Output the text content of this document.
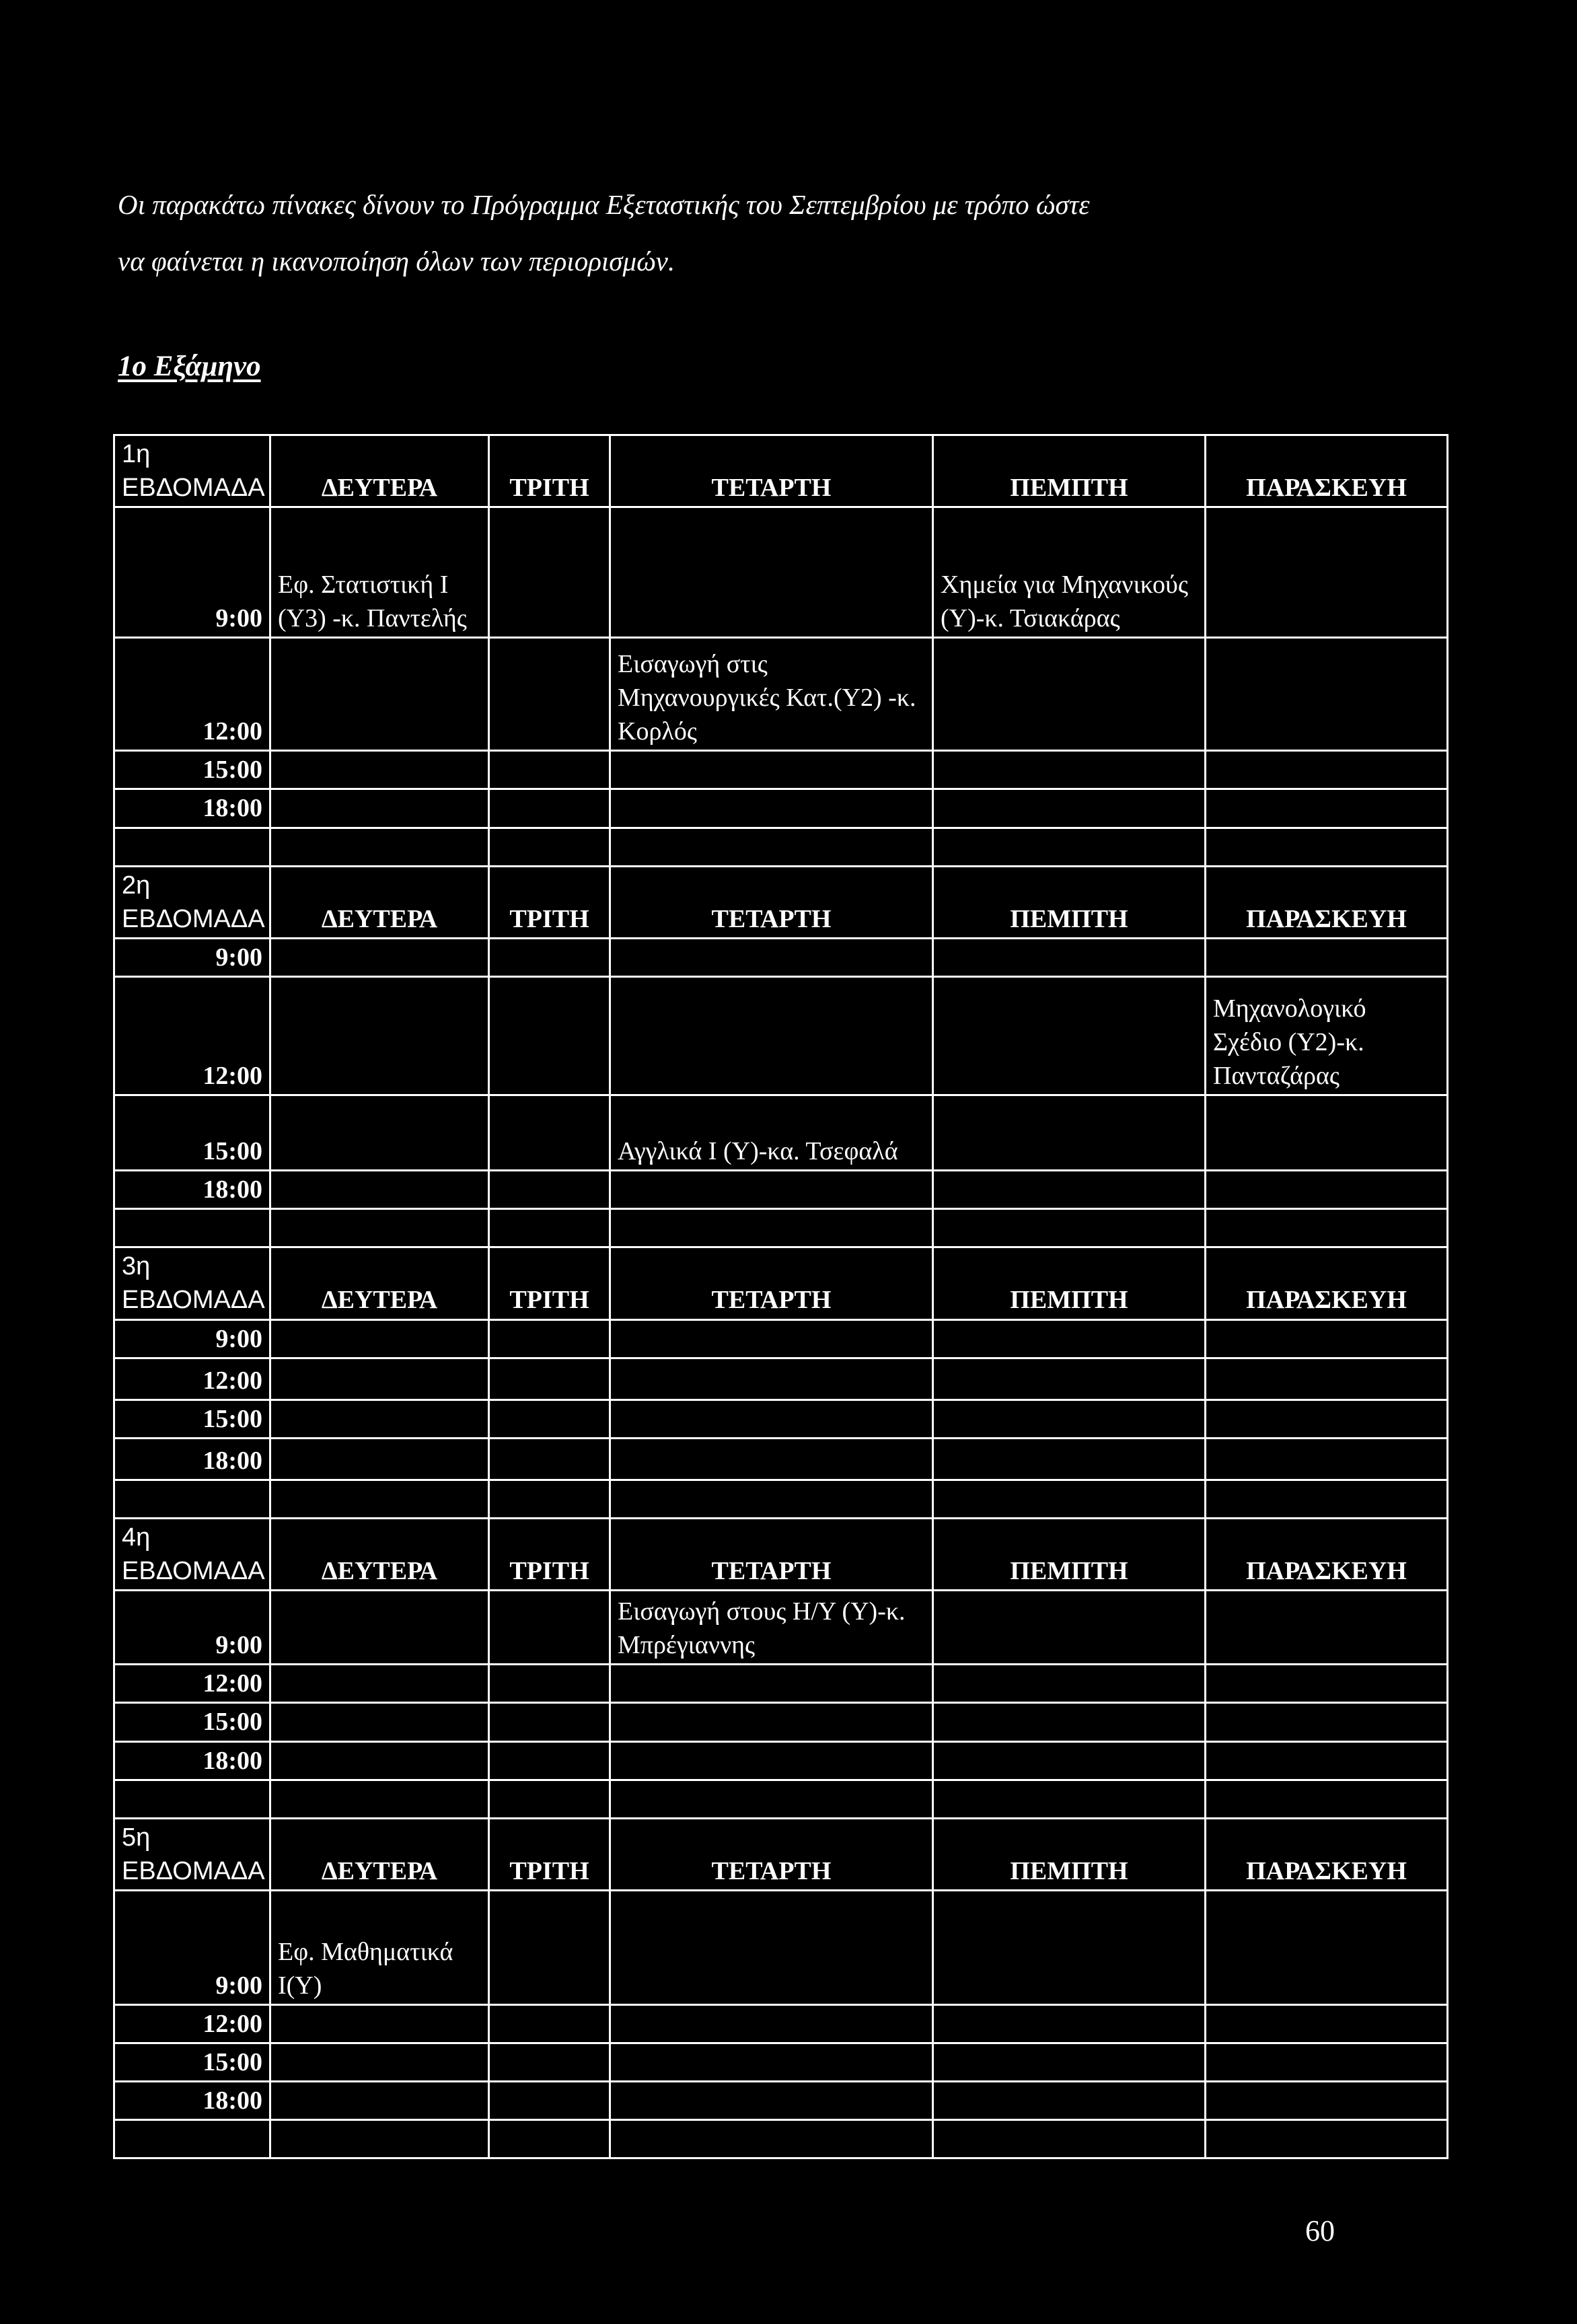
Οι παρακάτω πίνακες δίνουν το Πρόγραμμα Εξεταστικής του Σεπτεμβρίου με τρόπο ώστε
να φαίνεται η ικανοποίηση όλων των περιορισμών.

1ο Εξάμηνο

1η
ΕΒΔΟΜΑΔΑ	ΔΕΥΤΕΡΑ	ΤΡΙΤΗ	ΤΕΤΑΡΤΗ	ΠΕΜΠΤΗ	ΠΑΡΑΣΚΕΥΗ
9:00	Εφ. Στατιστική Ι (Υ3) -κ. Παντελής			Χημεία για Μηχανικούς (Υ)-κ. Τσιακάρας	
12:00			Εισαγωγή στις Μηχανουργικές Κατ.(Υ2) -κ. Κορλός		
15:00					
18:00					

2η
ΕΒΔΟΜΑΔΑ	ΔΕΥΤΕΡΑ	ΤΡΙΤΗ	ΤΕΤΑΡΤΗ	ΠΕΜΠΤΗ	ΠΑΡΑΣΚΕΥΗ
9:00					
12:00					Μηχανολογικό Σχέδιο (Υ2)-κ. Πανταζάρας
15:00			Αγγλικά Ι (Υ)-κα. Τσεφαλά		
18:00					

3η
ΕΒΔΟΜΑΔΑ	ΔΕΥΤΕΡΑ	ΤΡΙΤΗ	ΤΕΤΑΡΤΗ	ΠΕΜΠΤΗ	ΠΑΡΑΣΚΕΥΗ
9:00					
12:00					
15:00					
18:00					

4η
ΕΒΔΟΜΑΔΑ	ΔΕΥΤΕΡΑ	ΤΡΙΤΗ	ΤΕΤΑΡΤΗ	ΠΕΜΠΤΗ	ΠΑΡΑΣΚΕΥΗ
9:00			Εισαγωγή στους Η/Υ (Υ)-κ. Μπρέγιαννης		
12:00					
15:00					
18:00					

5η
ΕΒΔΟΜΑΔΑ	ΔΕΥΤΕΡΑ	ΤΡΙΤΗ	ΤΕΤΑΡΤΗ	ΠΕΜΠΤΗ	ΠΑΡΑΣΚΕΥΗ
9:00	Εφ. Μαθηματικά Ι(Υ)				
12:00					
15:00					
18:00					

60
